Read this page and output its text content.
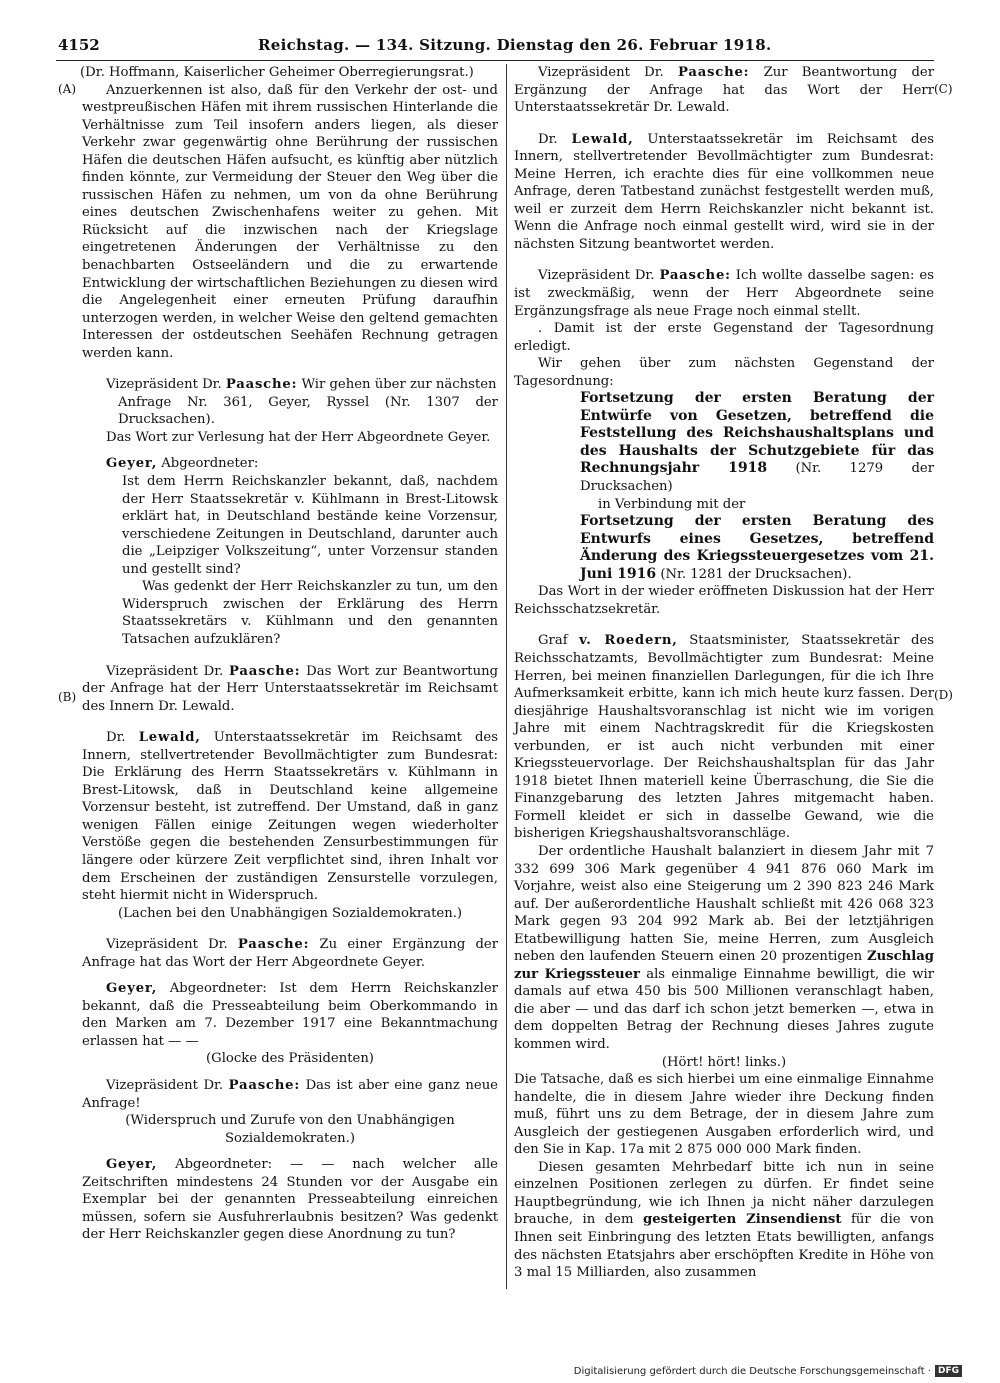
4152	Reichstag. — 134. Sitzung. Dienstag den 26. Februar 1918.
(A)
(B)
(C)
(D)

(Dr. Hoffmann, Kaiserlicher Geheimer Oberregierungsrat.)

Anzuerkennen ist also, daß für den Verkehr der ost- und westpreußischen Häfen mit ihrem russischen Hinterlande die Verhältnisse zum Teil insofern anders liegen, als dieser Verkehr zwar gegenwärtig ohne Berührung der russischen Häfen die deutschen Häfen aufsucht, es künftig aber nützlich finden könnte, zur Vermeidung der Steuer den Weg über die russischen Häfen zu nehmen, um von da ohne Berührung eines deutschen Zwischenhafens weiter zu gehen. Mit Rücksicht auf die inzwischen nach der Kriegslage eingetretenen Änderungen der Verhältnisse zu den benachbarten Ostseeländern und die zu erwartende Entwicklung der wirtschaftlichen Beziehungen zu diesen wird die Angelegenheit einer erneuten Prüfung daraufhin unterzogen werden, in welcher Weise den geltend gemachten Interessen der ostdeutschen Seehäfen Rechnung getragen werden kann.

Vizepräsident Dr. Paasche: Wir gehen über zur nächsten

Anfrage Nr. 361, Geyer, Ryssel (Nr. 1307 der Drucksachen).

Das Wort zur Verlesung hat der Herr Abgeordnete Geyer.

Geyer, Abgeordneter:

Ist dem Herrn Reichskanzler bekannt, daß, nachdem der Herr Staatssekretär v. Kühlmann in Brest-Litowsk erklärt hat, in Deutschland bestände keine Vorzensur, verschiedene Zeitungen in Deutschland, darunter auch die „Leipziger Volkszeitung“, unter Vorzensur standen und gestellt sind?

Was gedenkt der Herr Reichskanzler zu tun, um den Widerspruch zwischen der Erklärung des Herrn Staatssekretärs v. Kühlmann und den genannten Tatsachen aufzuklären?

Vizepräsident Dr. Paasche: Das Wort zur Beantwortung der Anfrage hat der Herr Unterstaatssekretär im Reichsamt des Innern Dr. Lewald.

Dr. Lewald, Unterstaatssekretär im Reichsamt des Innern, stellvertretender Bevollmächtigter zum Bundesrat: Die Erklärung des Herrn Staatssekretärs v. Kühlmann in Brest-Litowsk, daß in Deutschland keine allgemeine Vorzensur besteht, ist zutreffend. Der Umstand, daß in ganz wenigen Fällen einige Zeitungen wegen wiederholter Verstöße gegen die bestehenden Zensurbestimmungen für längere oder kürzere Zeit verpflichtet sind, ihren Inhalt vor dem Erscheinen der zuständigen Zensurstelle vorzulegen, steht hiermit nicht in Widerspruch.

(Lachen bei den Unabhängigen Sozialdemokraten.)

Vizepräsident Dr. Paasche: Zu einer Ergänzung der Anfrage hat das Wort der Herr Abgeordnete Geyer.

Geyer, Abgeordneter: Ist dem Herrn Reichskanzler bekannt, daß die Presseabteilung beim Oberkommando in den Marken am 7. Dezember 1917 eine Bekanntmachung erlassen hat — —

(Glocke des Präsidenten)

Vizepräsident Dr. Paasche: Das ist aber eine ganz neue Anfrage!

(Widerspruch und Zurufe von den Unabhängigen Sozialdemokraten.)

Geyer, Abgeordneter: — — nach welcher alle Zeitschriften mindestens 24 Stunden vor der Ausgabe ein Exemplar bei der genannten Presseabteilung einreichen müssen, sofern sie Ausfuhrerlaubnis besitzen? Was gedenkt der Herr Reichskanzler gegen diese Anordnung zu tun?

Vizepräsident Dr. Paasche: Zur Beantwortung der Ergänzung der Anfrage hat das Wort der Herr Unterstaatssekretär Dr. Lewald.

Dr. Lewald, Unterstaatssekretär im Reichsamt des Innern, stellvertretender Bevollmächtigter zum Bundesrat: Meine Herren, ich erachte dies für eine vollkommen neue Anfrage, deren Tatbestand zunächst festgestellt werden muß, weil er zurzeit dem Herrn Reichskanzler nicht bekannt ist. Wenn die Anfrage noch einmal gestellt wird, wird sie in der nächsten Sitzung beantwortet werden.

Vizepräsident Dr. Paasche: Ich wollte dasselbe sagen: es ist zweckmäßig, wenn der Herr Abgeordnete seine Ergänzungsfrage als neue Frage noch einmal stellt.

. Damit ist der erste Gegenstand der Tagesordnung erledigt.

Wir gehen über zum nächsten Gegenstand der Tagesordnung:

Fortsetzung der ersten Beratung der Entwürfe von Gesetzen, betreffend die Feststellung des Reichshaushaltsplans und des Haushalts der Schutzgebiete für das Rechnungsjahr 1918 (Nr. 1279 der Drucksachen)

in Verbindung mit der

Fortsetzung der ersten Beratung des Entwurfs eines Gesetzes, betreffend Änderung des Kriegssteuergesetzes vom 21. Juni 1916 (Nr. 1281 der Drucksachen).

Das Wort in der wieder eröffneten Diskussion hat der Herr Reichsschatzsekretär.

Graf v. Roedern, Staatsminister, Staatssekretär des Reichsschatzamts, Bevollmächtigter zum Bundesrat: Meine Herren, bei meinen finanziellen Darlegungen, für die ich Ihre Aufmerksamkeit erbitte, kann ich mich heute kurz fassen. Der diesjährige Haushaltsvoranschlag ist nicht wie im vorigen Jahre mit einem Nachtragskredit für die Kriegskosten verbunden, er ist auch nicht verbunden mit einer Kriegssteuervorlage. Der Reichshaushaltsplan für das Jahr 1918 bietet Ihnen materiell keine Überraschung, die Sie die Finanzgebarung des letzten Jahres mitgemacht haben. Formell kleidet er sich in dasselbe Gewand, wie die bisherigen Kriegshaushaltsvoranschläge.

Der ordentliche Haushalt balanziert in diesem Jahr mit 7 332 699 306 Mark gegenüber 4 941 876 060 Mark im Vorjahre, weist also eine Steigerung um 2 390 823 246 Mark auf. Der außerordentliche Haushalt schließt mit 426 068 323 Mark gegen 93 204 992 Mark ab. Bei der letztjährigen Etatbewilligung hatten Sie, meine Herren, zum Ausgleich neben den laufenden Steuern einen 20 prozentigen Zuschlag zur Kriegssteuer als einmalige Einnahme bewilligt, die wir damals auf etwa 450 bis 500 Millionen veranschlagt haben, die aber — und das darf ich schon jetzt bemerken —, etwa in dem doppelten Betrag der Rechnung dieses Jahres zugute kommen wird.

(Hört! hört! links.)

Die Tatsache, daß es sich hierbei um eine einmalige Einnahme handelte, die in diesem Jahre wieder ihre Deckung finden muß, führt uns zu dem Betrage, der in diesem Jahre zum Ausgleich der gestiegenen Ausgaben erforderlich wird, und den Sie in Kap. 17a mit 2 875 000 000 Mark finden.

Diesen gesamten Mehrbedarf bitte ich nun in seine einzelnen Positionen zerlegen zu dürfen. Er findet seine Hauptbegründung, wie ich Ihnen ja nicht näher darzulegen brauche, in dem gesteigerten Zinsendienst für die von Ihnen seit Einbringung des letzten Etats bewilligten, anfangs des nächsten Etatsjahrs aber erschöpften Kredite in Höhe von 3 mal 15 Milliarden, also zusammen

Digitalisierung gefördert durch die Deutsche Forschungsgemeinschaft · DFG
